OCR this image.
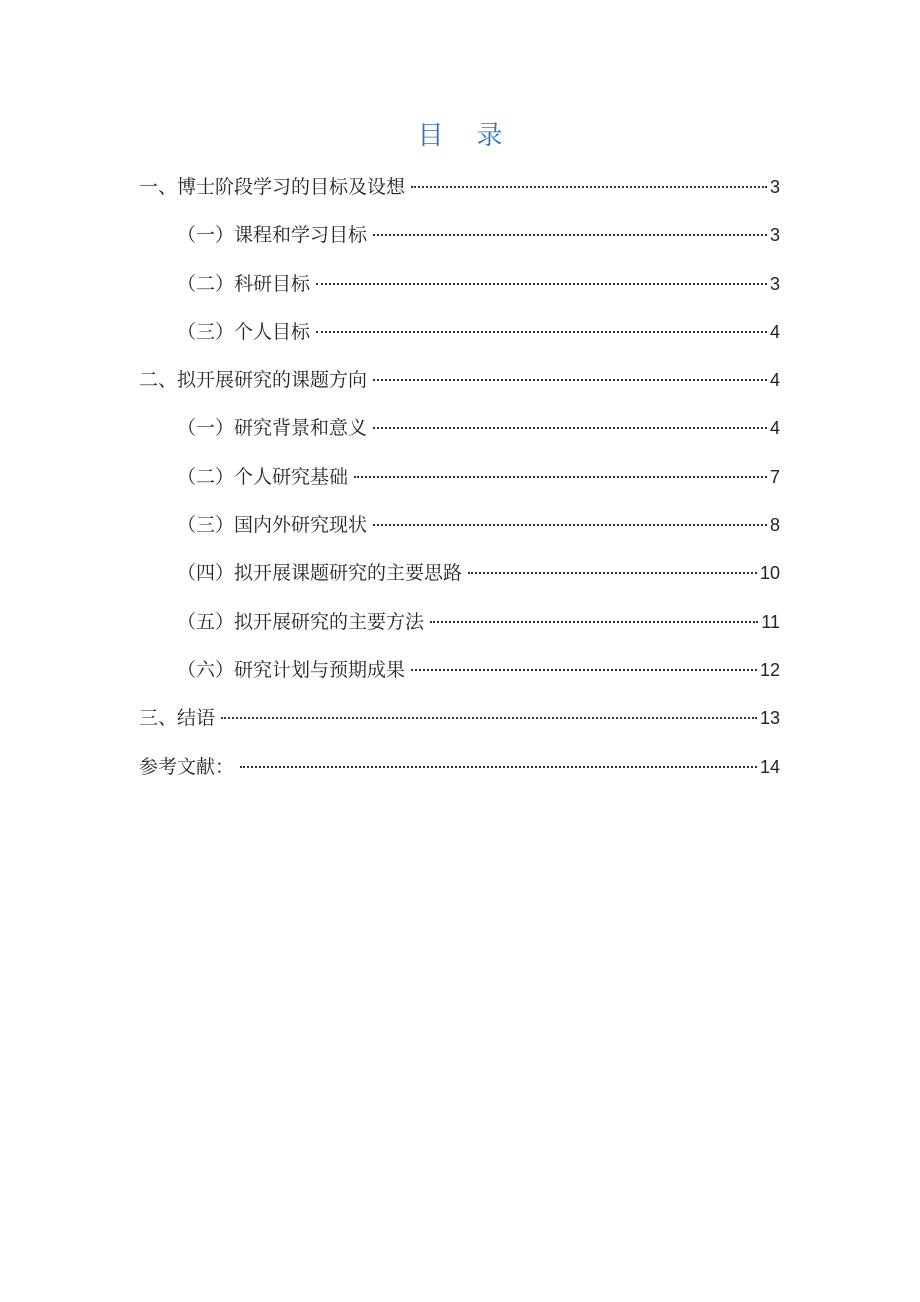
目    录
一、博士阶段学习的目标及设想	3
（一）课程和学习目标	3
（二）科研目标	3
（三）个人目标	4
二、拟开展研究的课题方向	4
（一）研究背景和意义	4
（二）个人研究基础	7
（三）国内外研究现状	8
（四）拟开展课题研究的主要思路	10
（五）拟开展研究的主要方法	11
（六）研究计划与预期成果	12
三、结语	13
参考文献：	14
